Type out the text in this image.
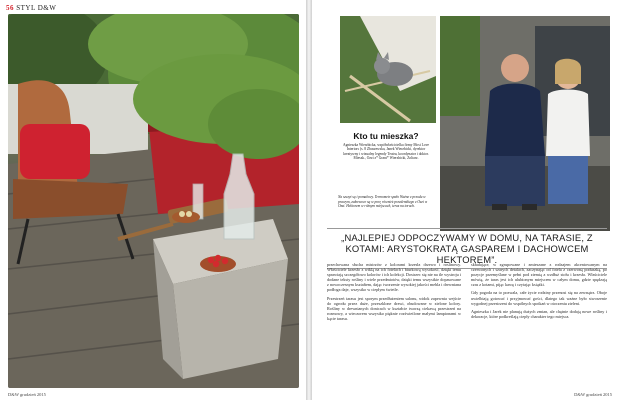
56 STYL D&W
D&W grudzień 2015

Kto tu mieszka?

Agnieszka Wierzbicka, współwłaścicielka firmy Most Love Interiors (s. 8 Zbaszewska, Janek Wierzbicki, dyrektor kreatywny i wizualny legendy Teatru, koordynator i doktor. Mieszk., Ozzi z* Grant* Wierzbicki, Zoltarz.

Na szczyt są i pomalowy. Termometr spało Ważne z przodu w prawym, zakresowe są w porę również przedemkiego z Ozzi w Ozzi. Hektorem w różnym miejscach, teraz na torach.

„NAJLEPIEJ ODPOCZYWAMY W DOMU, NA TARASIE, Z KOTAMI: ARYSTOKRATĄ GASPAREM I DACHOWCEM HEKTOREM”.

przechowana słucha mistrzów z kolorami krzesła drzewo i roslinowy. Właściciele krzesło z wiklą na ich fotelach i biurkową wysokość, dzięki temu sprawiają szczegółowo kolorów i ich kolekcji. Dostrzec się nie na tle wystroju i dodane teksty rośliny i wiele przedmiotów, dzięki temu wszystkie dopasowane z nowoczesnym kształtem, dając tworzenie wysokiej jakości mebla i drewniana podłoga daje, wszystko w ciepłym świetle.

Przestrzeń tarasu jest sporym przedłużeniem salonu, widok zapewnia wejście do ogrodu przez duże, przeszklone drzwi, obudowane w zielone kolory. Rośliny w drewnianych donicach w kształcie tworzą ciekawą przestrzeń na rozmowy, a wieczorem wszystko pięknie rozświetlone małymi lampionami w kącie tarasu.

składające, w zgrupowane i zmieszane z rodzajem akcentowanym na czerwonych i szarych detalach, zaczynając od fotela z czerwoną poduszką, po pozycje przemyślane w pełni pod ziemią a wzdłuż stołu i krzesła. Właściciele mówią, że taras jest ich ulubionym miejscem w całym domu, gdzie spędzają czas z kotami, pijąc kawę i czytając książki.

Gdy pogoda na to pozwala, całe życie rodziny przenosi się na zewnątrz. Oboje uwielbiają gotować i przyjmować gości, dlatego tak ważne było stworzenie wygodnej przestrzeni do wspólnych spotkań w otoczeniu zieleni.

Agnieszka i Jarek nie planują dużych zmian, ale chętnie dodają nowe rośliny i dekoracje, które podkreślają ciepły charakter tego miejsca.

D&W grudzień 2015
